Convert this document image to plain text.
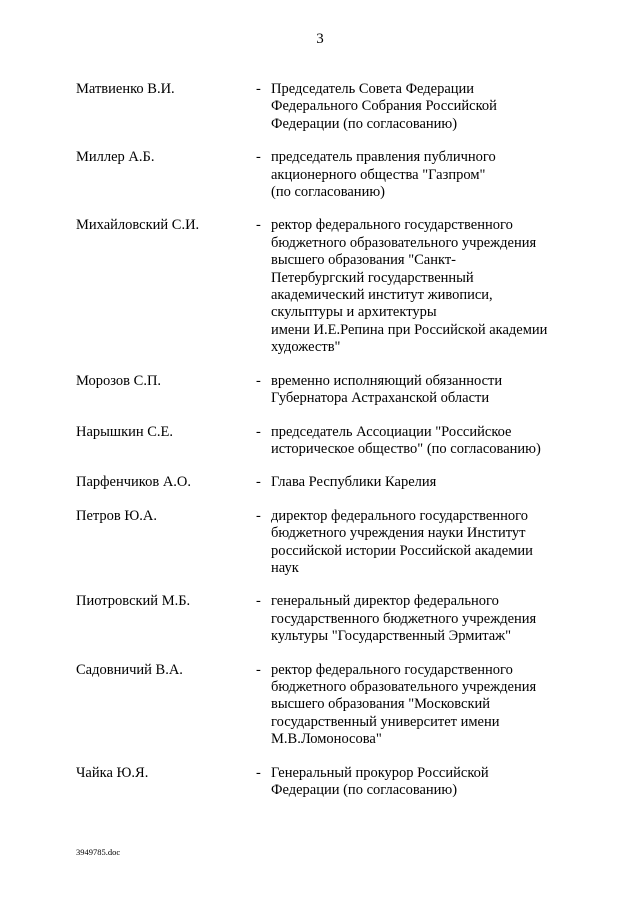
3
Матвиенко В.И.	- Председатель Совета Федерации
Федерального Собрания Российской
Федерации (по согласованию)
Миллер А.Б.	- председатель правления публичного
акционерного общества "Газпром"
(по согласованию)
Михайловский С.И.	- ректор федерального государственного
бюджетного образовательного учреждения
высшего образования "Санкт-
Петербургский государственный
академический институт живописи,
скульптуры и архитектуры
имени И.Е.Репина при Российской академии
художеств"
Морозов С.П.	- временно исполняющий обязанности
Губернатора Астраханской области
Нарышкин С.Е.	- председатель Ассоциации "Российское
историческое общество" (по согласованию)
Парфенчиков А.О.	- Глава Республики Карелия
Петров Ю.А.	- директор федерального государственного
бюджетного учреждения науки Институт
российской истории Российской академии
наук
Пиотровский М.Б.	- генеральный директор федерального
государственного бюджетного учреждения
культуры "Государственный Эрмитаж"
Садовничий В.А.	- ректор федерального государственного
бюджетного образовательного учреждения
высшего образования "Московский
государственный университет имени
М.В.Ломоносова"
Чайка Ю.Я.	- Генеральный прокурор Российской
Федерации (по согласованию)
3949785.doc
